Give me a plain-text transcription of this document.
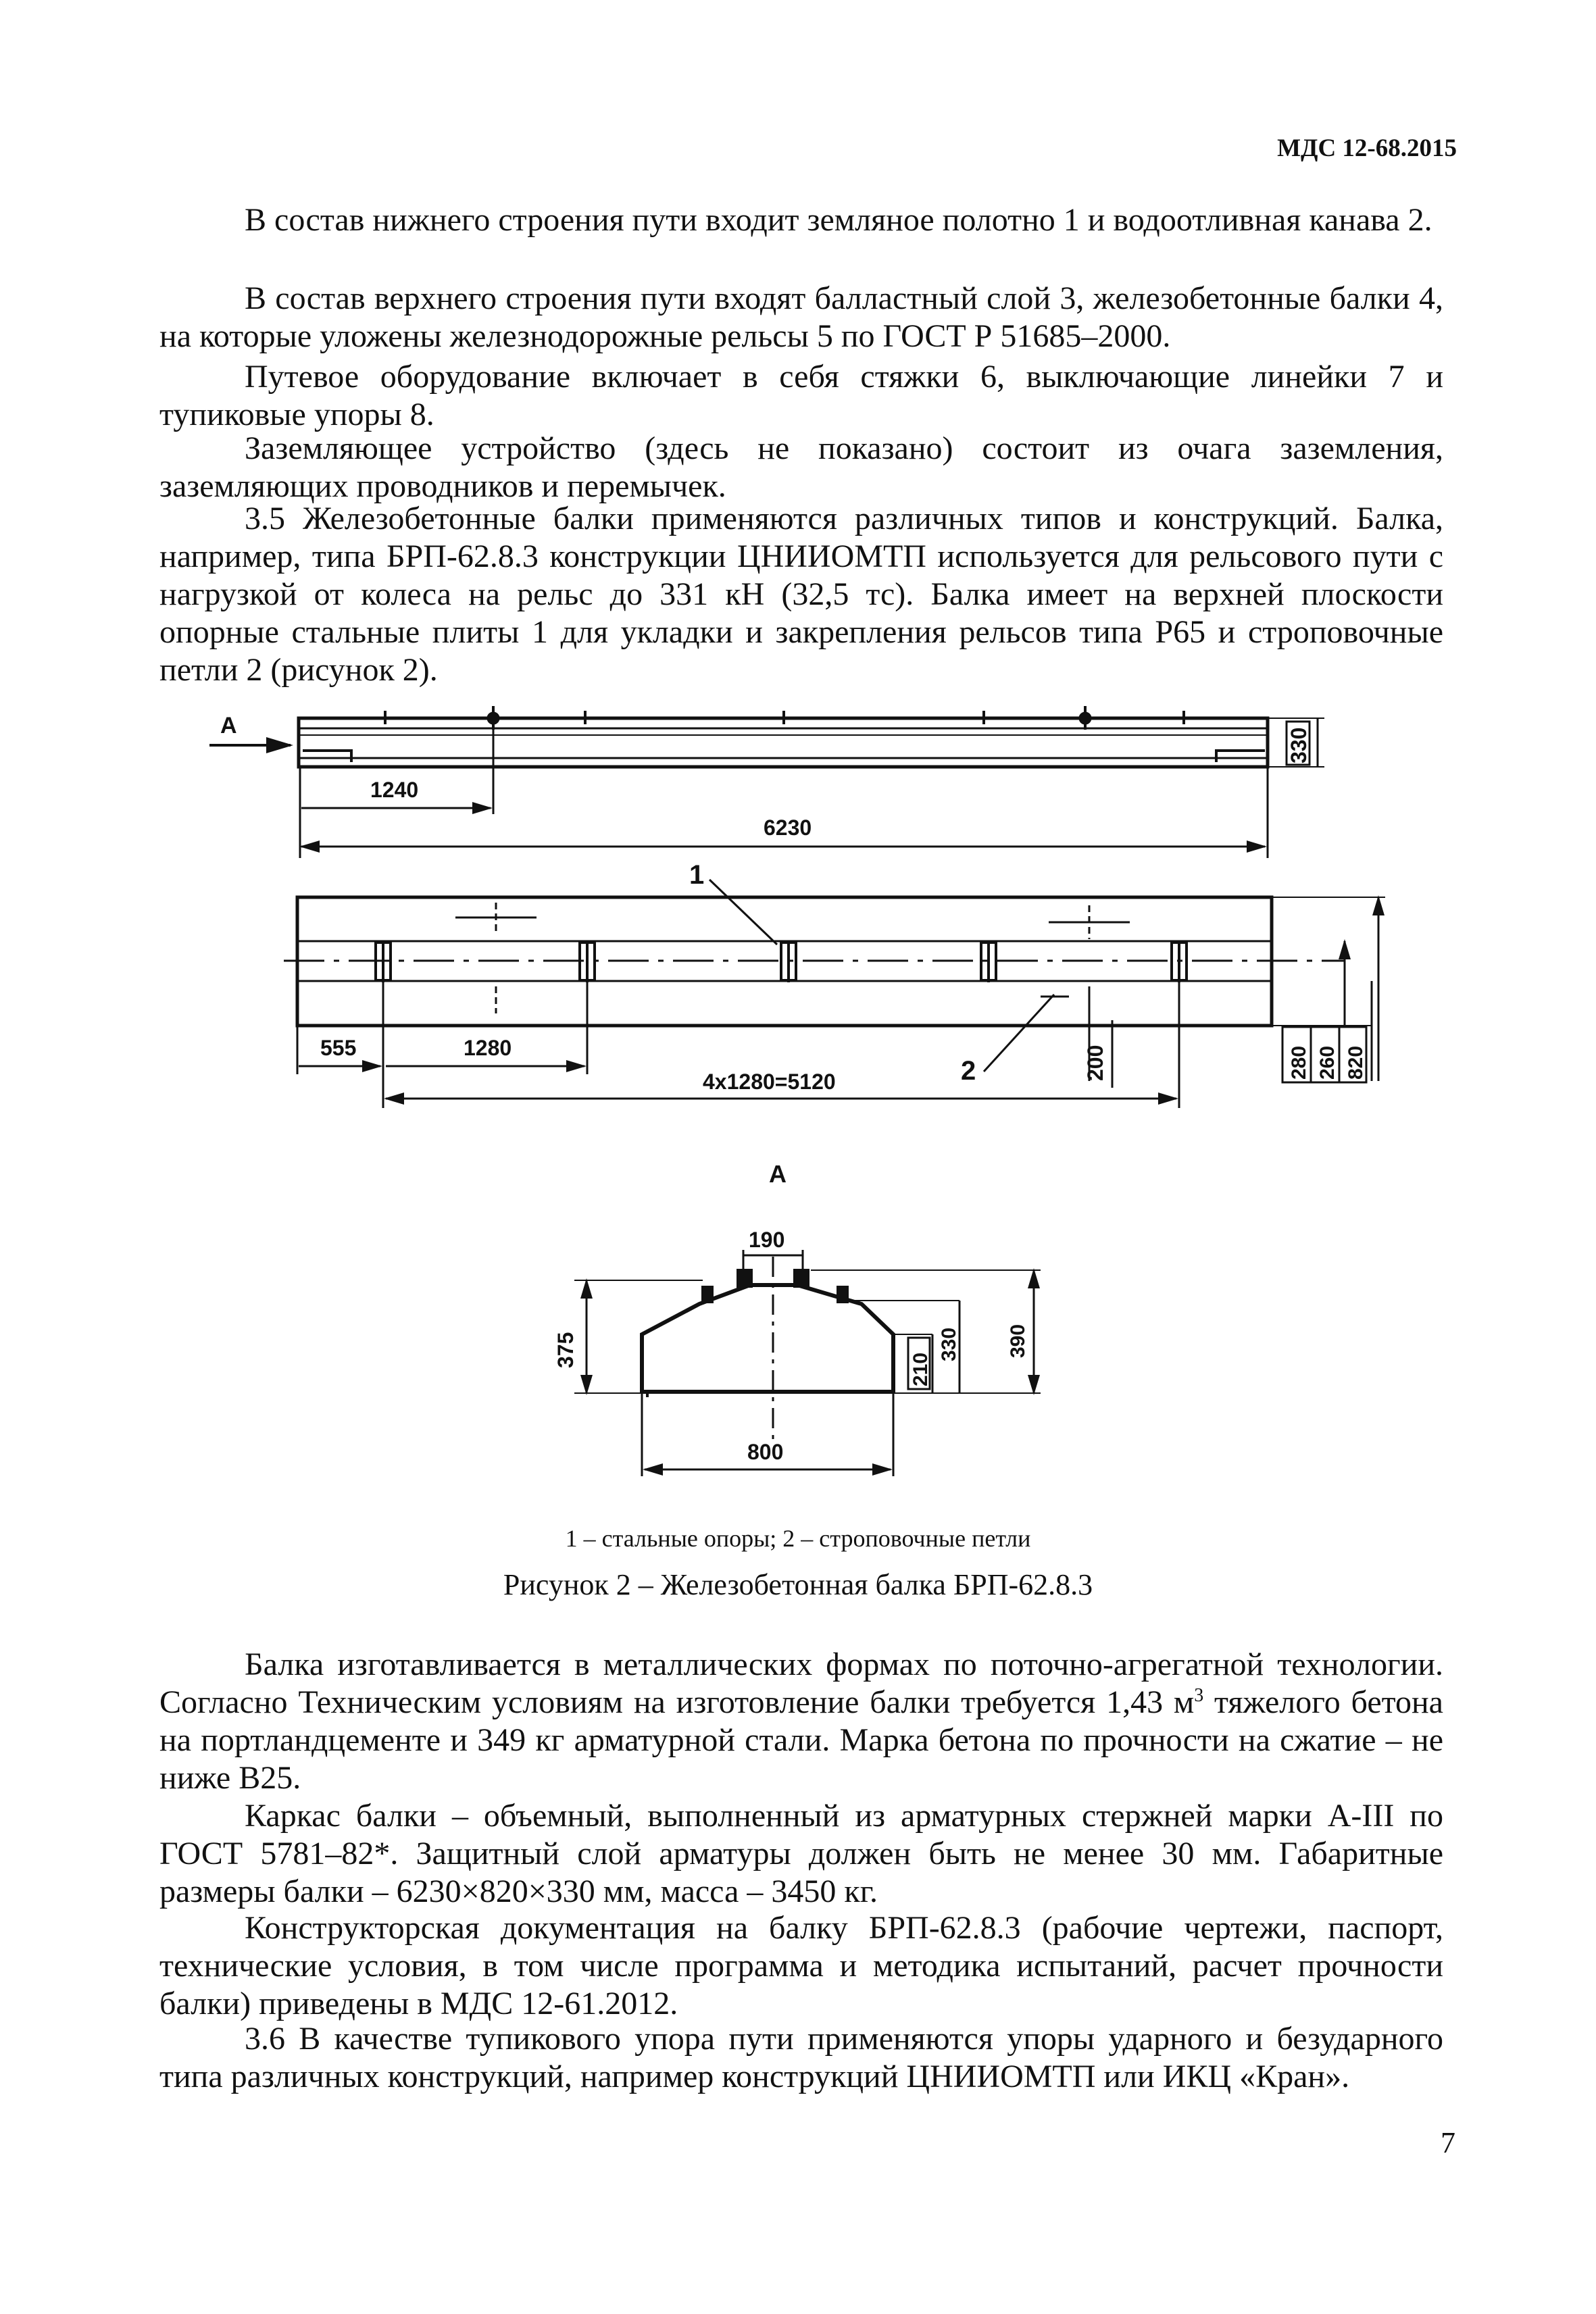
МДС 12-68.2015

В состав нижнего строения пути входит земляное полотно 1 и водоотливная канава 2.

В состав верхнего строения пути входят балластный слой 3, железобетонные балки 4, на которые уложены железнодорожные рельсы 5 по ГОСТ Р 51685–2000.

Путевое оборудование включает в себя стяжки 6, выключающие линейки 7 и тупиковые упоры 8.

Заземляющее устройство (здесь не показано) состоит из очага заземления, заземляющих проводников и перемычек.

3.5 Железобетонные балки применяются различных типов и конструкций. Балка, например, типа БРП-62.8.3 конструкции ЦНИИОМТП используется для рельсового пути с нагрузкой от колеса на рельс до 331 кН (32,5 тс). Балка имеет на верхней плоскости опорные стальные плиты 1 для укладки и закрепления рельсов типа Р65 и строповочные петли 2 (рисунок 2).

А
330
1240
6230
1
2
555	1280
4x1280=5120
200	280 260 820
А
190
375
210
330 390
800

1 – стальные опоры; 2 – строповочные петли

Рисунок 2 – Железобетонная балка БРП-62.8.3

Балка изготавливается в металлических формах по поточно-агрегатной технологии. Согласно Техническим условиям на изготовление балки требуется 1,43 $м^3$ тяжелого бетона на портландцементе и 349 кг арматурной стали. Марка бетона по прочности на сжатие – не ниже В25.

Каркас балки – объемный, выполненный из арматурных стержней марки А-III по ГОСТ 5781–82*. Защитный слой арматуры должен быть не менее 30 мм. Габаритные размеры балки – 6230×820×330 мм, масса – 3450 кг.

Конструкторская документация на балку БРП-62.8.3 (рабочие чертежи, паспорт, технические условия, в том числе программа и методика испытаний, расчет прочности балки) приведены в МДС 12-61.2012.

3.6 В качестве тупикового упора пути применяются упоры ударного и безударного типа различных конструкций, например конструкций ЦНИИОМТП или ИКЦ «Кран».

7
